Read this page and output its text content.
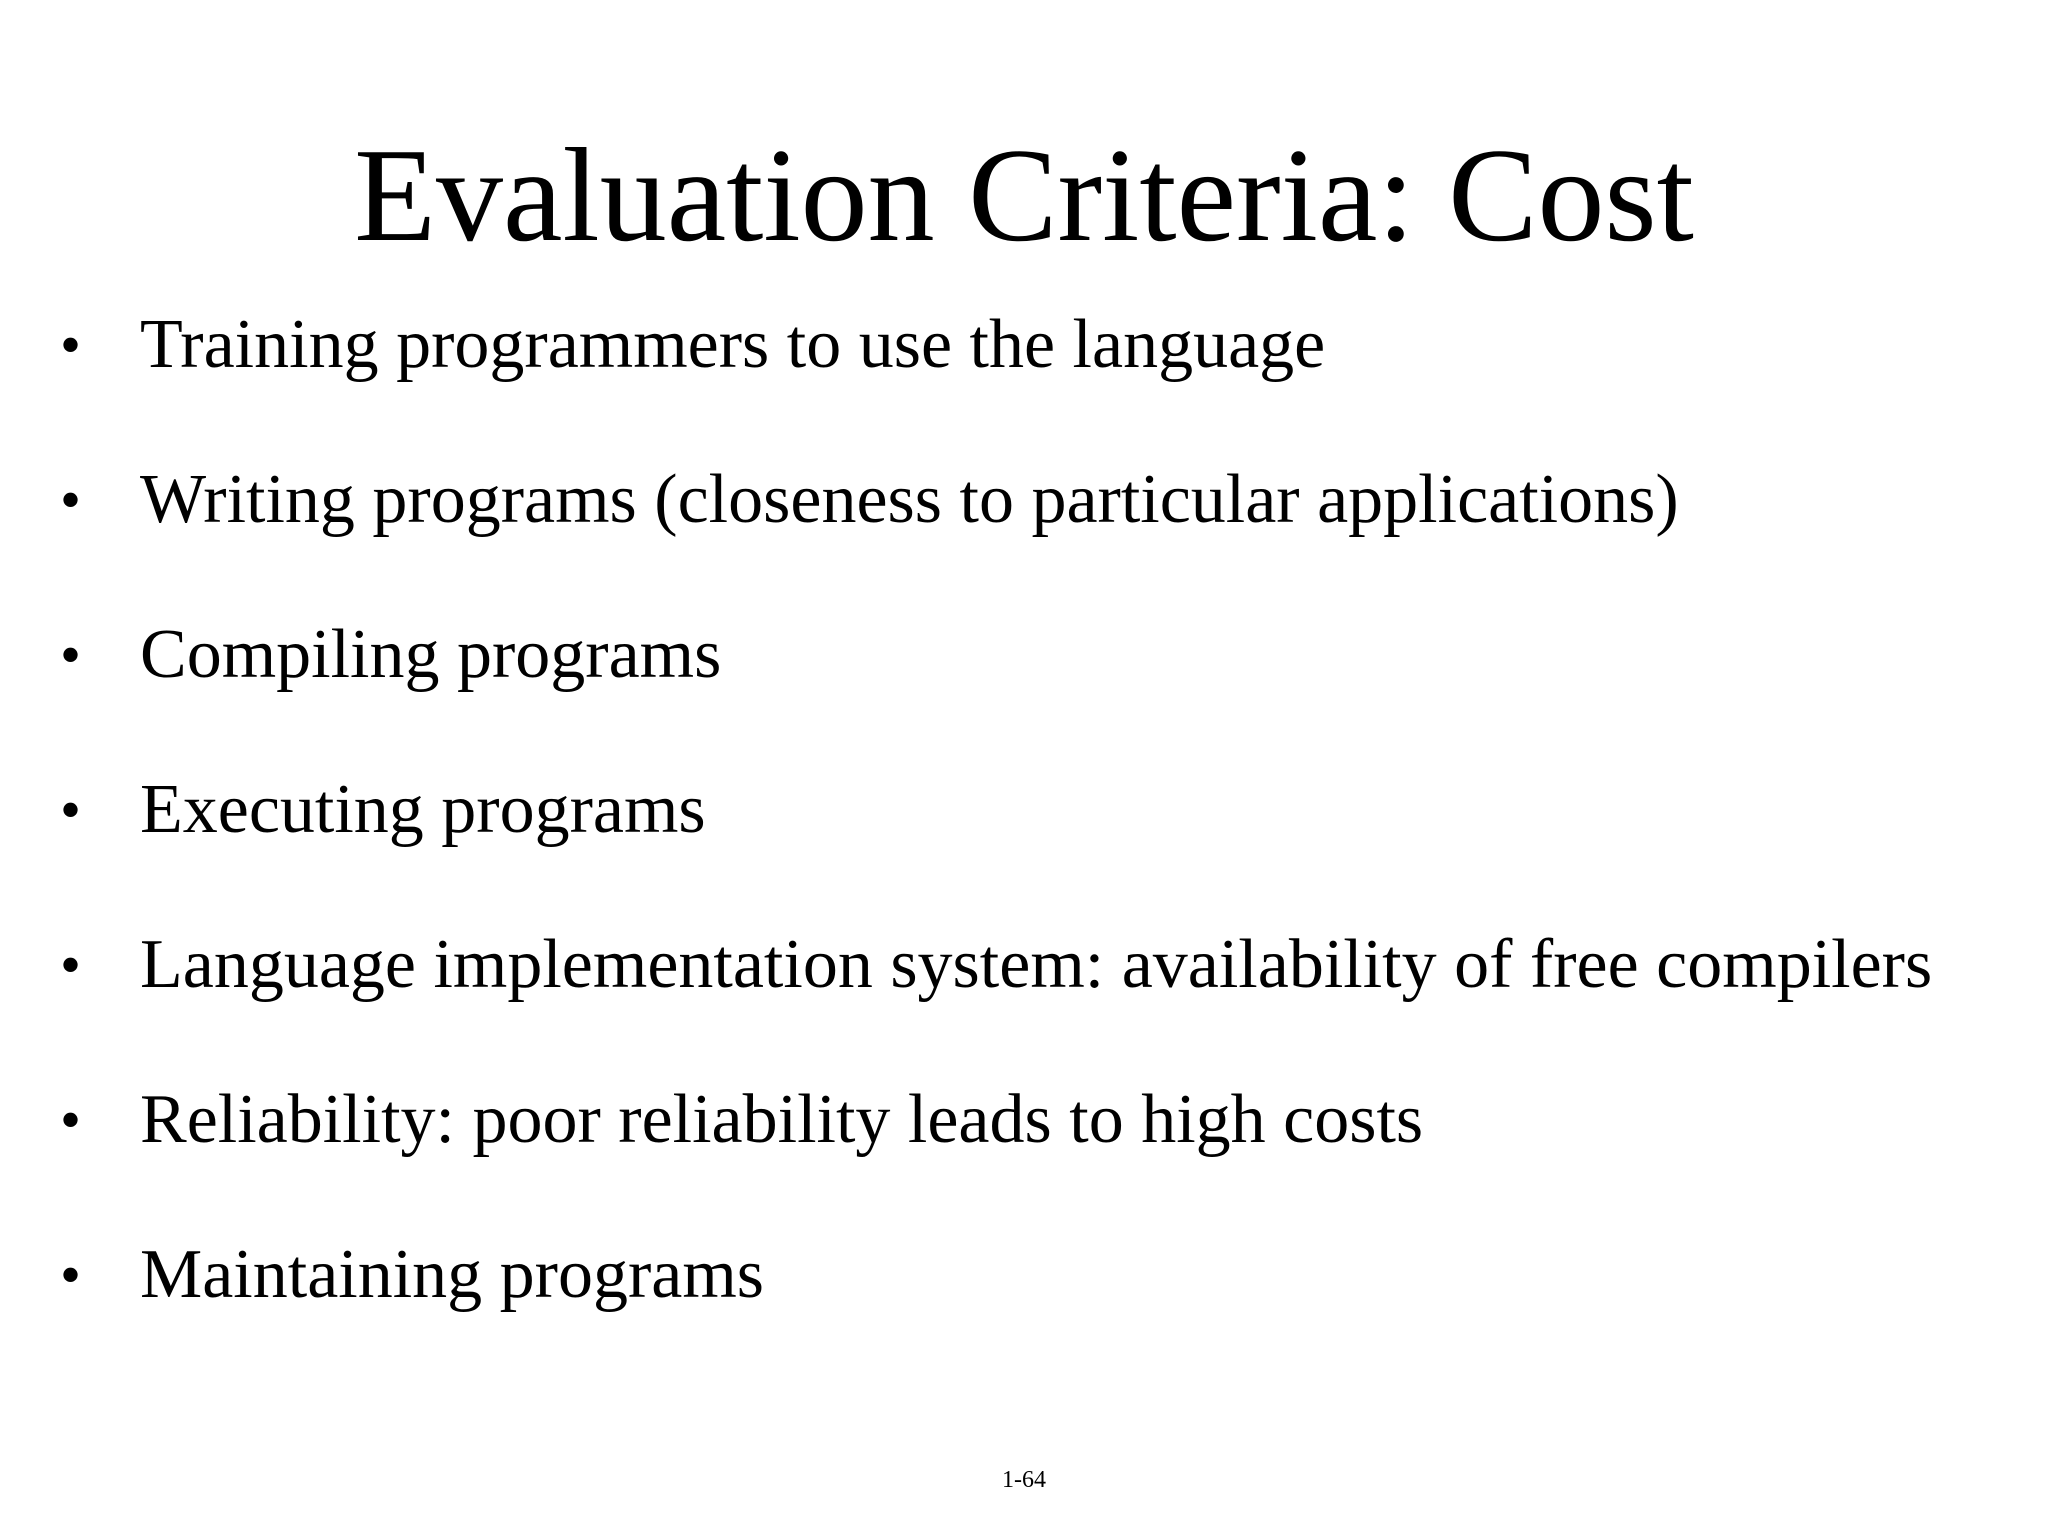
Evaluation Criteria: Cost
• Training programmers to use the language
• Writing programs (closeness to particular applications)
• Compiling programs
• Executing programs
• Language implementation system: availability of free compilers
• Reliability: poor reliability leads to high costs
• Maintaining programs
1-64
